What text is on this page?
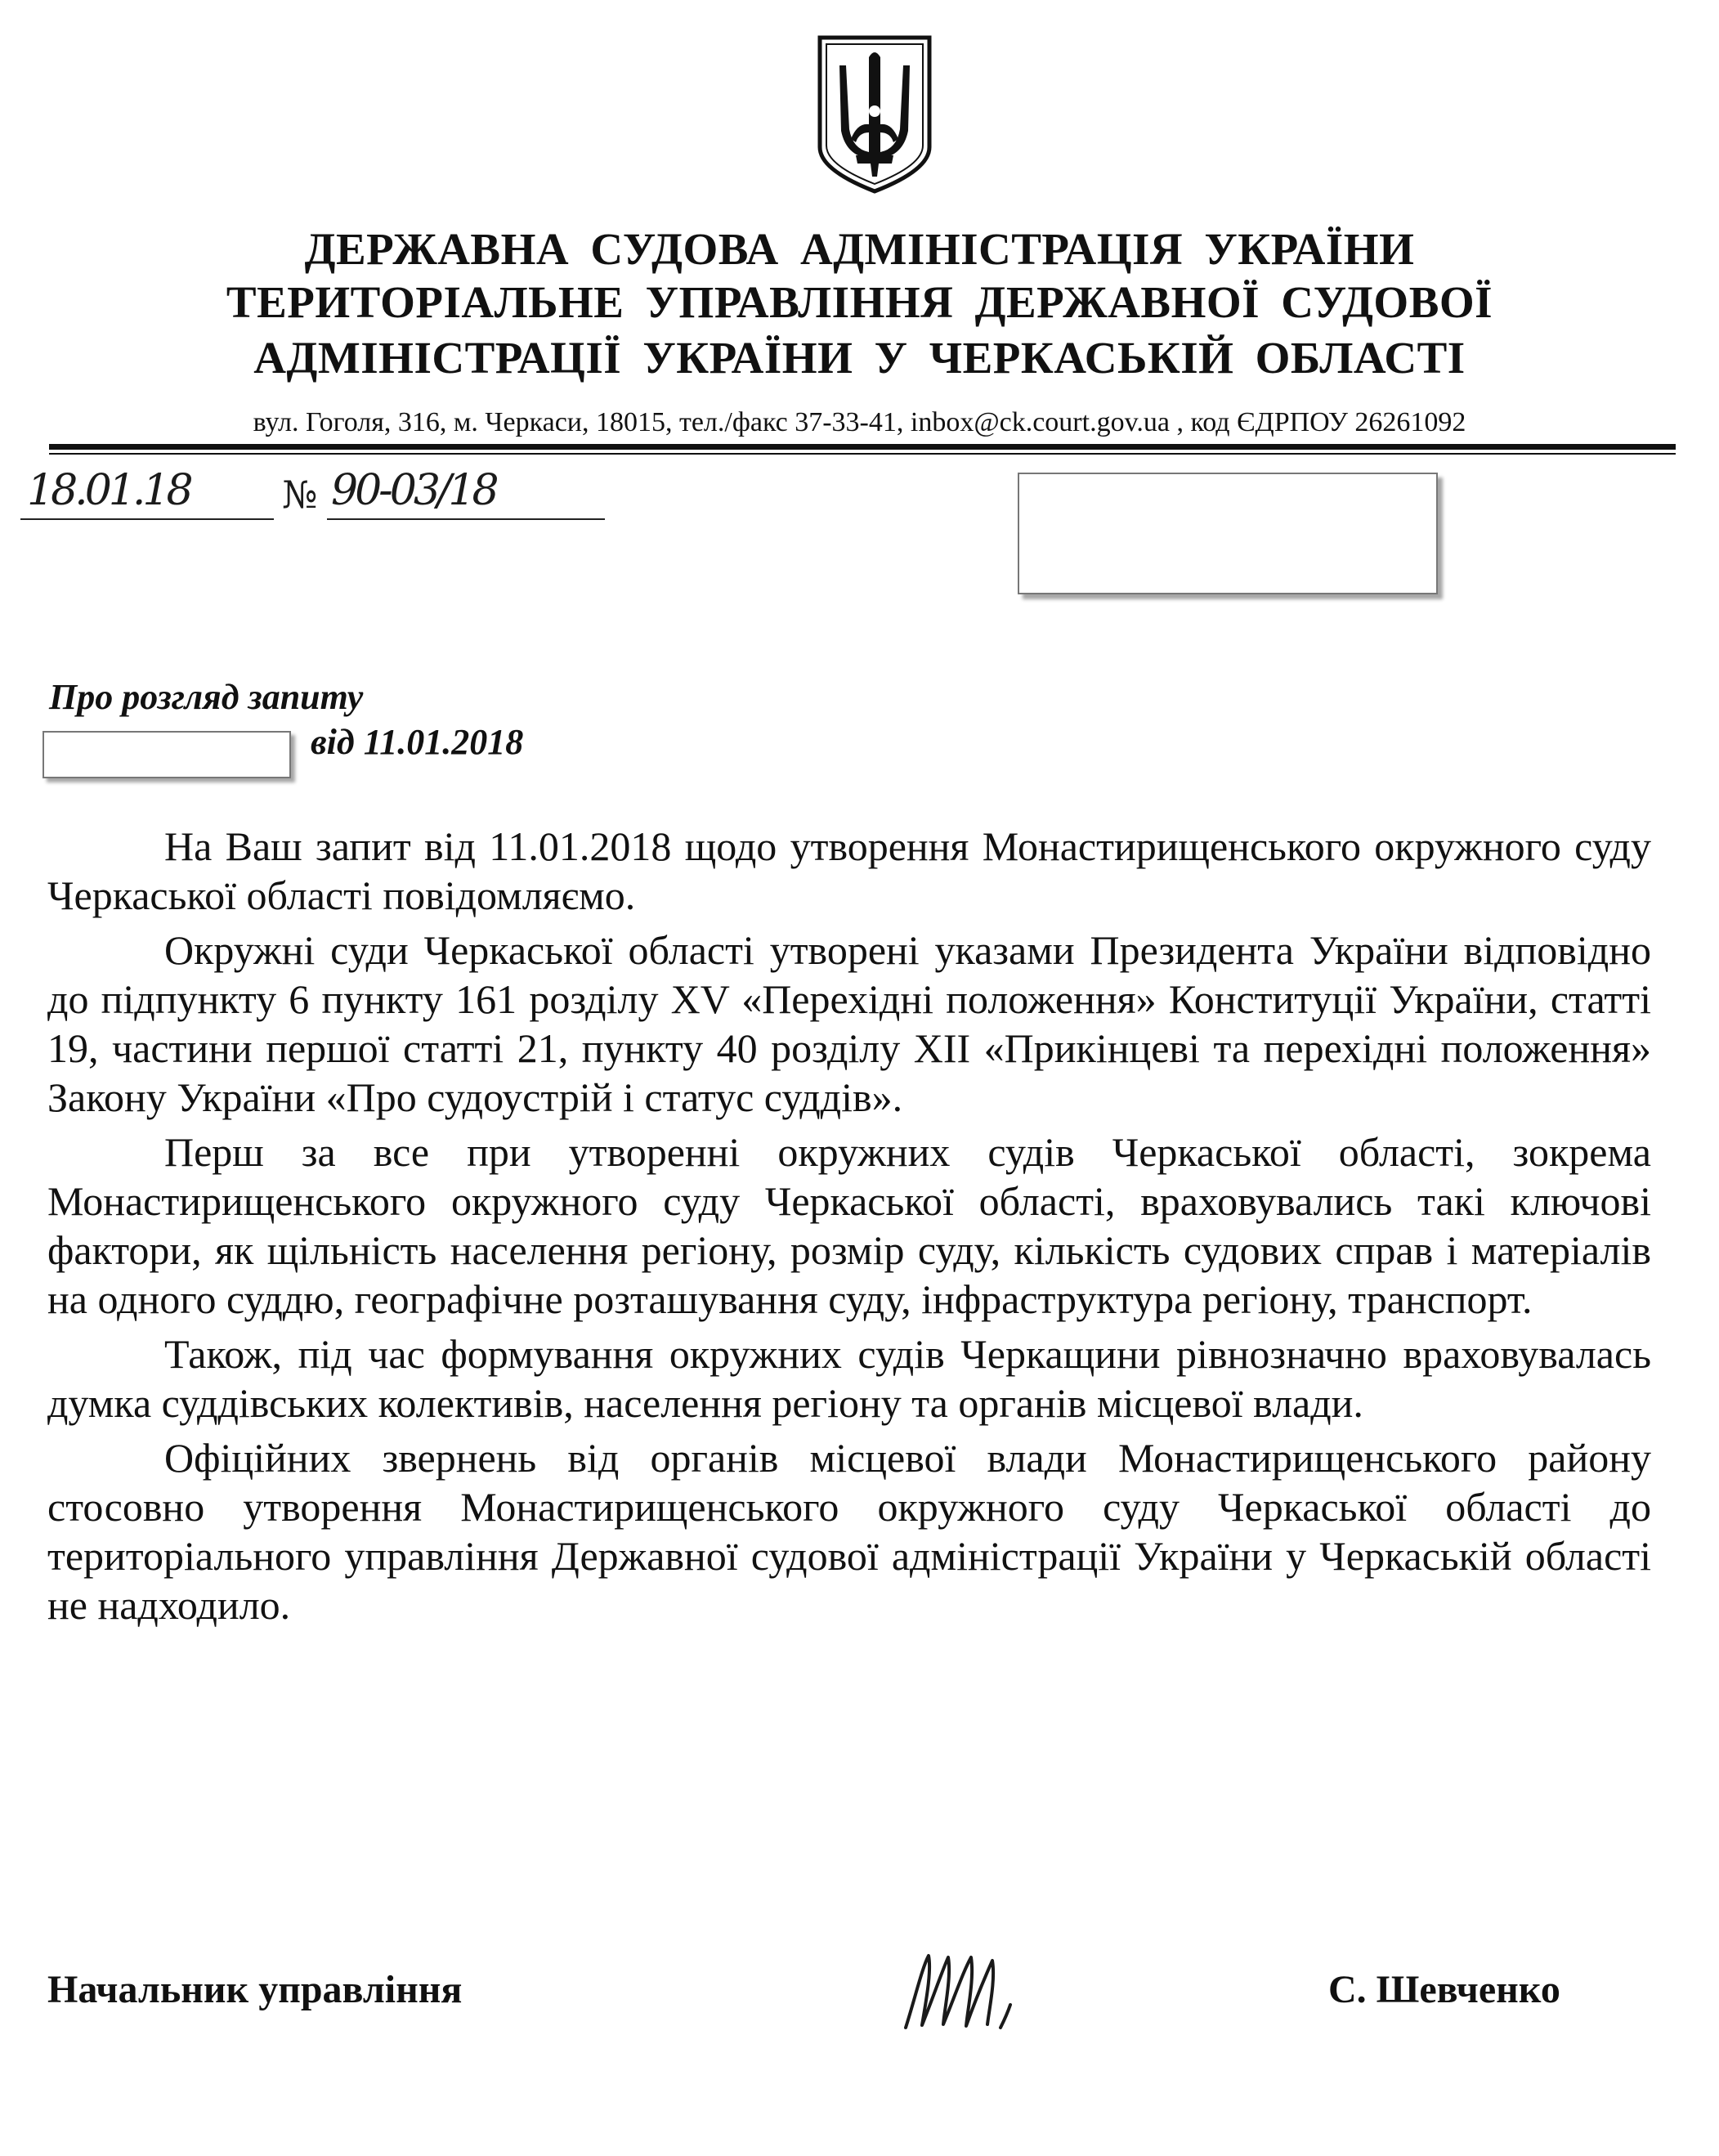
ДЕРЖАВНА СУДОВА АДМІНІСТРАЦІЯ УКРАЇНИ
ТЕРИТОРІАЛЬНЕ УПРАВЛІННЯ ДЕРЖАВНОЇ СУДОВОЇ
АДМІНІСТРАЦІЇ УКРАЇНИ У ЧЕРКАСЬКІЙ ОБЛАСТІ
вул. Гоголя, 316, м. Черкаси, 18015, тел./факс 37-33-41, inbox@ck.court.gov.ua , код ЄДРПОУ 26261092
18.01.18	№ 90-03/18
Про розгляд запиту
від 11.01.2018

На Ваш запит від 11.01.2018 щодо утворення Монастирищенського окружного суду Черкаської області повідомляємо.

Окружні суди Черкаської області утворені указами Президента України відповідно до підпункту 6 пункту 161 розділу XV «Перехідні положення» Конституції України, статті 19, частини першої статті 21, пункту 40 розділу XII «Прикінцеві та перехідні положення» Закону України «Про судоустрій і статус суддів».

Перш за все при утворенні окружних судів Черкаської області, зокрема Монастирищенського окружного суду Черкаської області, враховувались такі ключові фактори, як щільність населення регіону, розмір суду, кількість судових справ і матеріалів на одного суддю, географічне розташування суду, інфраструктура регіону, транспорт.

Також, під час формування окружних судів Черкащини рівнозначно враховувалась думка суддівських колективів, населення регіону та органів місцевої влади.

Офіційних звернень від органів місцевої влади Монастирищенського району стосовно утворення Монастирищенського окружного суду Черкаської області до територіального управління Державної судової адміністрації України у Черкаській області не надходило.

Начальник управління	С. Шевченко
